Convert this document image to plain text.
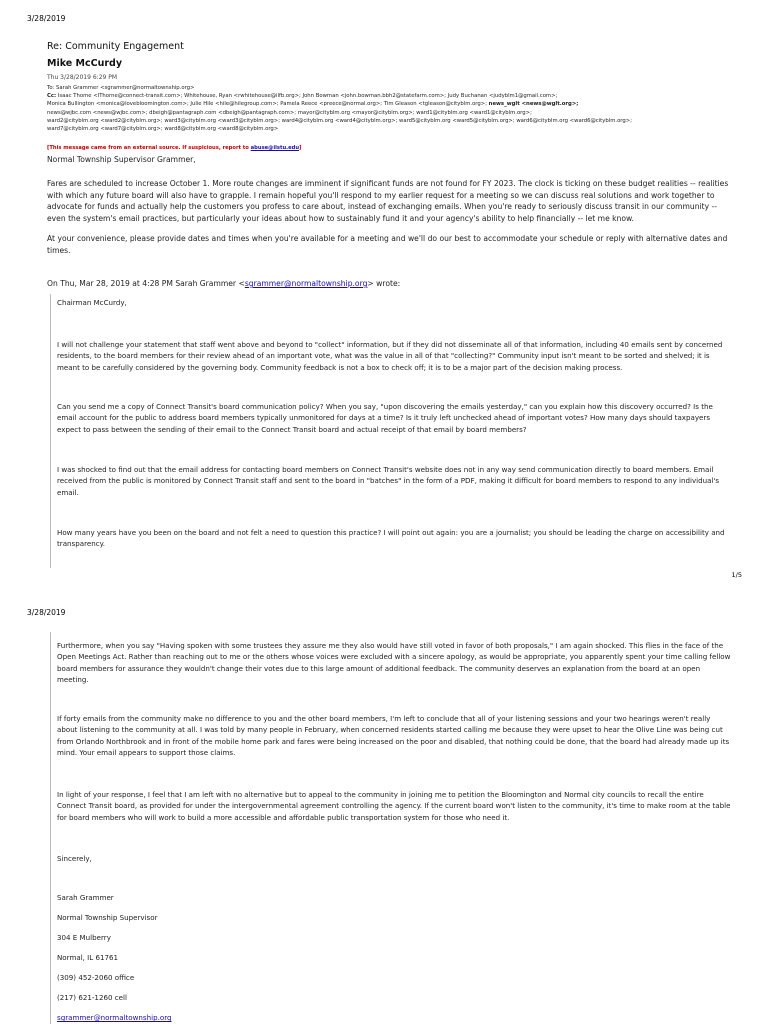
3/28/2019
Re: Community Engagement
Mike McCurdy
Thu 3/28/2019 6:29 PM
To: Sarah Grammer <sgrammer@normaltownship.org>
Cc: Isaac Thome <IThorne@connect-transit.com>; Whitehouse, Ryan <rwhitehouse@ilfb.org>; John Bowman <john.bowman.bbh2@statefarm.com>; Judy Buchanan <judyblm1@gmail.com>;
Monica Bullington <monica@lovebloomington.com>; Julie Hile <hile@hilegroup.com>; Pamela Reece <preece@normal.org>; Tim Gleason <tgleason@cityblm.org>; news_wglt <news@wglt.org>;
news@wjbc.com <news@wjbc.com>; dbeigh@pantagraph.com <dbeigh@pantagraph.com>; mayor@cityblm.org <mayor@cityblm.org>; ward1@cityblm.org <ward1@cityblm.org>;
ward2@cityblm.org <ward2@cityblm.org>; ward3@cityblm.org <ward3@cityblm.org>; ward4@cityblm.org <ward4@cityblm.org>; ward5@cityblm.org <ward5@cityblm.org>; ward6@cityblm.org <ward6@cityblm.org>;
ward7@cityblm.org <ward7@cityblm.org>; ward8@cityblm.org <ward8@cityblm.org>
[This message came from an external source. If suspicious, report to abuse@ilstu.edu]

Normal Township Supervisor Grammer,

Fares are scheduled to increase October 1. More route changes are imminent if significant funds are not found for FY 2023. The clock is ticking on these budget realities -- realities with which any future board will also have to grapple. I remain hopeful you'll respond to my earlier request for a meeting so we can discuss real solutions and work together to advocate for funds and actually help the customers you profess to care about, instead of exchanging emails. When you're ready to seriously discuss transit in our community -- even the system's email practices, but particularly your ideas about how to sustainably fund it and your agency's ability to help financially -- let me know.

At your convenience, please provide dates and times when you're available for a meeting and we'll do our best to accommodate your schedule or reply with alternative dates and times.

On Thu, Mar 28, 2019 at 4:28 PM Sarah Grammer <sgrammer@normaltownship.org> wrote:

Chairman McCurdy,

I will not challenge your statement that staff went above and beyond to "collect" information, but if they did not disseminate all of that information, including 40 emails sent by concerned residents, to the board members for their review ahead of an important vote, what was the value in all of that "collecting?" Community input isn't meant to be sorted and shelved; it is meant to be carefully considered by the governing body. Community feedback is not a box to check off; it is to be a major part of the decision making process.

Can you send me a copy of Connect Transit's board communication policy? When you say, "upon discovering the emails yesterday," can you explain how this discovery occurred? Is the email account for the public to address board members typically unmonitored for days at a time? Is it truly left unchecked ahead of important votes? How many days should taxpayers expect to pass between the sending of their email to the Connect Transit board and actual receipt of that email by board members?

I was shocked to find out that the email address for contacting board members on Connect Transit's website does not in any way send communication directly to board members. Email received from the public is monitored by Connect Transit staff and sent to the board in "batches" in the form of a PDF, making it difficult for board members to respond to any individual's email.

How many years have you been on the board and not felt a need to question this practice? I will point out again: you are a journalist; you should be leading the charge on accessibility and transparency.

1/5
3/28/2019

Furthermore, when you say "Having spoken with some trustees they assure me they also would have still voted in favor of both proposals," I am again shocked. This flies in the face of the Open Meetings Act. Rather than reaching out to me or the others whose voices were excluded with a sincere apology, as would be appropriate, you apparently spent your time calling fellow board members for assurance they wouldn't change their votes due to this large amount of additional feedback. The community deserves an explanation from the board at an open meeting.

If forty emails from the community make no difference to you and the other board members, I'm left to conclude that all of your listening sessions and your two hearings weren't really about listening to the community at all. I was told by many people in February, when concerned residents started calling me because they were upset to hear the Olive Line was being cut from Orlando Northbrook and in front of the mobile home park and fares were being increased on the poor and disabled, that nothing could be done, that the board had already made up its mind. Your email appears to support those claims.

In light of your response, I feel that I am left with no alternative but to appeal to the community in joining me to petition the Bloomington and Normal city councils to recall the entire Connect Transit board, as provided for under the intergovernmental agreement controlling the agency. If the current board won't listen to the community, it's time to make room at the table for board members who will work to build a more accessible and affordable public transportation system for those who need it.

Sincerely,

Sarah Grammer

Normal Township Supervisor

304 E Mulberry

Normal, IL 61761

(309) 452-2060 office

(217) 621-1260 cell

sgrammer@normaltownship.org
